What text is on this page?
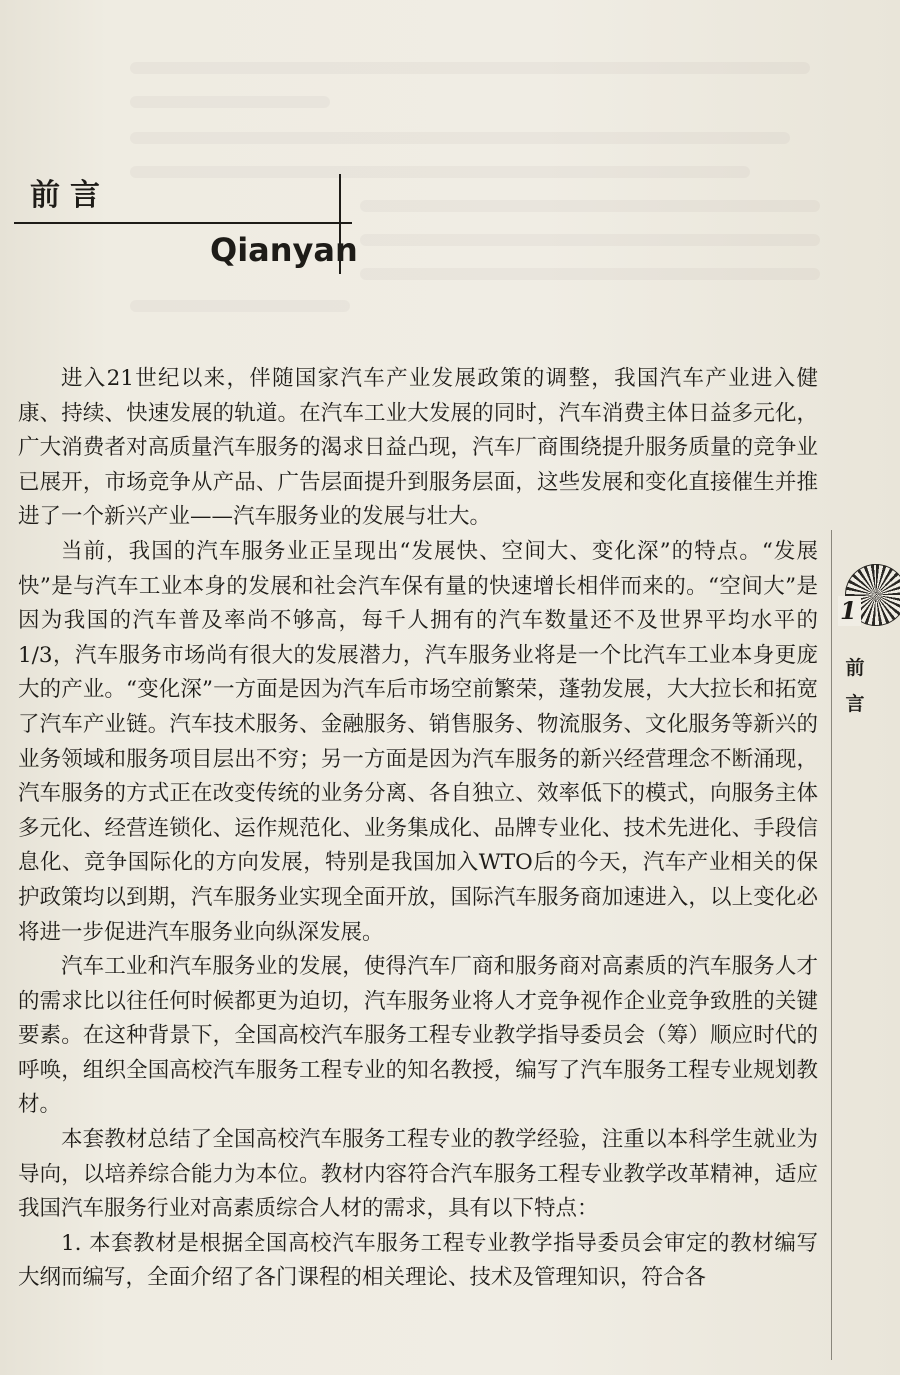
前言
Qianyan

进入21世纪以来，伴随国家汽车产业发展政策的调整，我国汽车产业进入健康、持续、快速发展的轨道。在汽车工业大发展的同时，汽车消费主体日益多元化，广大消费者对高质量汽车服务的渴求日益凸现，汽车厂商围绕提升服务质量的竞争业已展开，市场竞争从产品、广告层面提升到服务层面，这些发展和变化直接催生并推进了一个新兴产业——汽车服务业的发展与壮大。

当前，我国的汽车服务业正呈现出“发展快、空间大、变化深”的特点。“发展快”是与汽车工业本身的发展和社会汽车保有量的快速增长相伴而来的。“空间大”是因为我国的汽车普及率尚不够高，每千人拥有的汽车数量还不及世界平均水平的1/3，汽车服务市场尚有很大的发展潜力，汽车服务业将是一个比汽车工业本身更庞大的产业。“变化深”一方面是因为汽车后市场空前繁荣，蓬勃发展，大大拉长和拓宽了汽车产业链。汽车技术服务、金融服务、销售服务、物流服务、文化服务等新兴的业务领域和服务项目层出不穷；另一方面是因为汽车服务的新兴经营理念不断涌现，汽车服务的方式正在改变传统的业务分离、各自独立、效率低下的模式，向服务主体多元化、经营连锁化、运作规范化、业务集成化、品牌专业化、技术先进化、手段信息化、竞争国际化的方向发展，特别是我国加入WTO后的今天，汽车产业相关的保护政策均以到期，汽车服务业实现全面开放，国际汽车服务商加速进入，以上变化必将进一步促进汽车服务业向纵深发展。

汽车工业和汽车服务业的发展，使得汽车厂商和服务商对高素质的汽车服务人才的需求比以往任何时候都更为迫切，汽车服务业将人才竞争视作企业竞争致胜的关键要素。在这种背景下，全国高校汽车服务工程专业教学指导委员会（筹）顺应时代的呼唤，组织全国高校汽车服务工程专业的知名教授，编写了汽车服务工程专业规划教材。

本套教材总结了全国高校汽车服务工程专业的教学经验，注重以本科学生就业为导向，以培养综合能力为本位。教材内容符合汽车服务工程专业教学改革精神，适应我国汽车服务行业对高素质综合人材的需求，具有以下特点：

1. 本套教材是根据全国高校汽车服务工程专业教学指导委员会审定的教材编写大纲而编写，全面介绍了各门课程的相关理论、技术及管理知识，符合各

1
前
言
